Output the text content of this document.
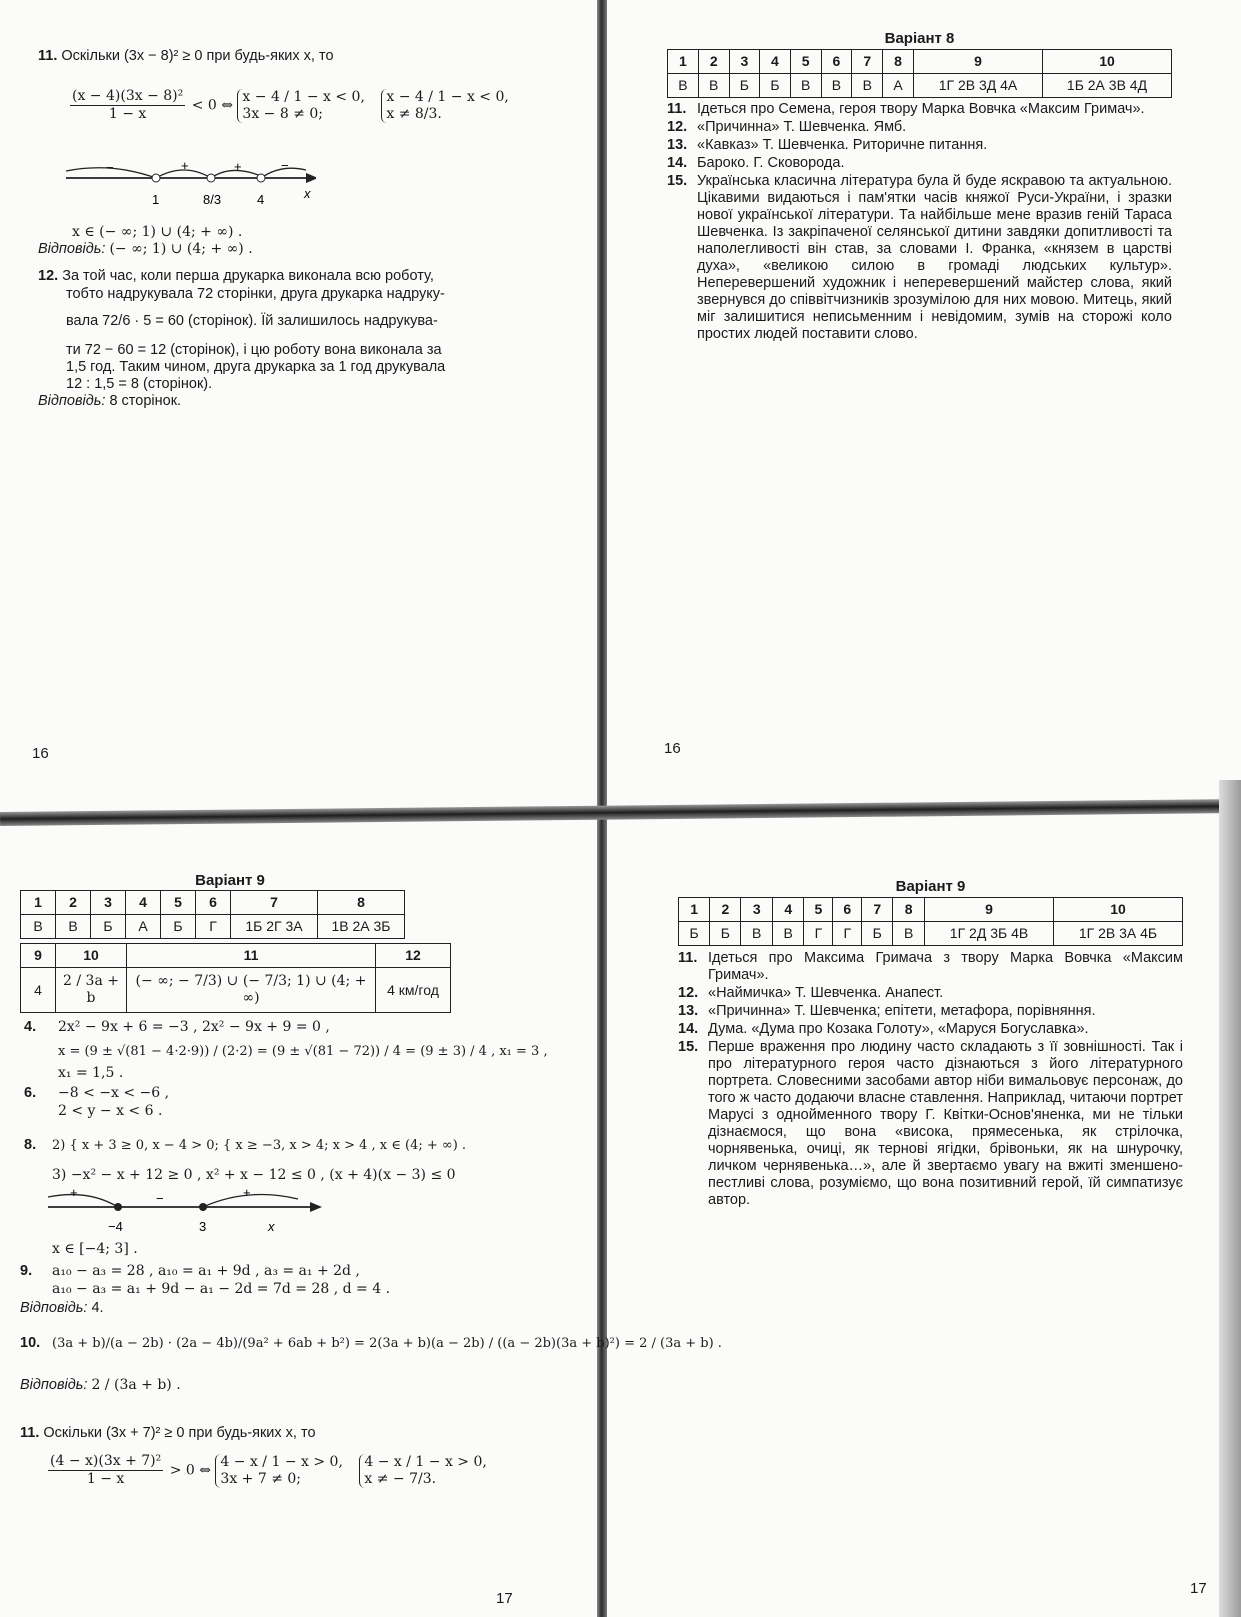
11. Оскільки (3x − 8)² ≥ 0 при будь-яких x, то
$\frac{\text{(x − 4)(3x − 8)²}}{1 - x} < 0$ ⇔
x − 4 / 1 − x < 0,
3x − 8 ≠ 0;

x − 4 / 1 − x < 0,
x ≠ 8/3.
−	+	+	−
1	8/3	4	x
x ∈ (− ∞; 1) ∪ (4; + ∞) .
Відповідь: (− ∞; 1) ∪ (4; + ∞) .
12. За той час, коли перша друкарка виконала всю роботу,
тобто надрукувала 72 сторінки, друга друкарка надруку-
вала 72/6 · 5 = 60 (сторінок). Їй залишилось надрукува-
ти 72 − 60 = 12 (сторінок), і цю роботу вона виконала за
1,5 год. Таким чином, друга друкарка за 1 год друкувала
12 : 1,5 = 8 (сторінок).
Відповідь: 8 сторінок.
16
Варіант 8
1	2	3	4	5	6	7	8	9	10
В	В	Б	Б	В	В	В	А	1Г 2В 3Д 4А	1Б 2А 3В 4Д
11. Ідеться про Семена, героя твору Марка Вовчка «Максим Гримач».

12. «Причинна» Т. Шевченка. Ямб.

13. «Кавказ» Т. Шевченка. Риторичне питання.

14. Бароко. Г. Сковорода.

15. Українська класична література була й буде яскравою та актуальною. Цікавими видаються і пам'ятки часів княжої Руси-України, і зразки нової української літератури. Та найбільше мене вразив геній Тараса Шевченка. Із закріпаченої селянської дитини завдяки допитливості та наполегливості він став, за словами І. Франка, «князем в царстві духа», «великою силою в громаді людських культур». Неперевершений художник і неперевершений майстер слова, який звернувся до співвітчизників зрозумілою для них мовою. Митець, який міг залишитися неписьменним і невідомим, зумів на сторожі коло простих людей поставити слово.

16
Варіант 9
1	2	3	4	5	6	7	8
В	В	Б	А	Б	Г	1Б 2Г 3А	1В 2А 3Б
9	10	11	12
4	2 / 3a + b	(− ∞; − 7/3) ∪ (− 7/3; 1) ∪ (4; + ∞)	4 км/год
4. 2x² − 9x + 6 = −3 , 2x² − 9x + 9 = 0 ,
x = (9 ± √(81 − 4·2·9)) / (2·2) = (9 ± √(81 − 72)) / 4 = (9 ± 3) / 4 , x₁ = 3 ,
x₁ = 1,5 .
6. −8 < −x < −6 ,
2 < y − x < 6 .
8. 2) { x + 3 ≥ 0, x − 4 > 0; { x ≥ −3, x > 4; x > 4 , x ∈ (4; + ∞) .
3) −x² − x + 12 ≥ 0 , x² + x − 12 ≤ 0 , (x + 4)(x − 3) ≤ 0
+	−	+
−4	3	x
x ∈ [−4; 3] .
9. a₁₀ − a₃ = 28 , a₁₀ = a₁ + 9d , a₃ = a₁ + 2d ,
a₁₀ − a₃ = a₁ + 9d − a₁ − 2d = 7d = 28 , d = 4 .
Відповідь: 4.
10. (3a + b)/(a − 2b) · (2a − 4b)/(9a² + 6ab + b²) = 2(3a + b)(a − 2b) / ((a − 2b)(3a + b)²) = 2 / (3a + b) .
Відповідь: 2 / (3a + b) .
11. Оскільки (3x + 7)² ≥ 0 при будь-яких x, то
$\frac{\text{(4 − x)(3x + 7)²}}{1 - x} > 0$ ⇔
4 − x / 1 − x > 0,
3x + 7 ≠ 0;

4 − x / 1 − x > 0,
x ≠ − 7/3.
17
Варіант 9
1	2	3	4	5	6	7	8	9	10
Б	Б	В	В	Г	Г	Б	В	1Г 2Д 3Б 4В	1Г 2В 3А 4Б
11. Ідеться про Максима Гримача з твору Марка Вовчка «Максим Гримач».

12. «Наймичка» Т. Шевченка. Анапест.

13. «Причинна» Т. Шевченка; епітети, метафора, порівняння.

14. Дума. «Дума про Козака Голоту», «Маруся Богуславка».

15. Перше враження про людину часто складають з її зовнішності. Так і про літературного героя часто дізнаються з його літературного портрета. Словесними засобами автор ніби вимальовує персонаж, до того ж часто додаючи власне ставлення. Наприклад, читаючи портрет Марусі з однойменного твору Г. Квітки-Основ'яненка, ми не тільки дізнаємося, що вона «висока, прямесенька, як стрілочка, чорнявенька, очиці, як тернові ягідки, брівоньки, як на шнурочку, личком чернявенька…», але й звертаємо увагу на вжиті зменшено-пестливі слова, розуміємо, що вона позитивний герой, їй симпатизує автор.

17
